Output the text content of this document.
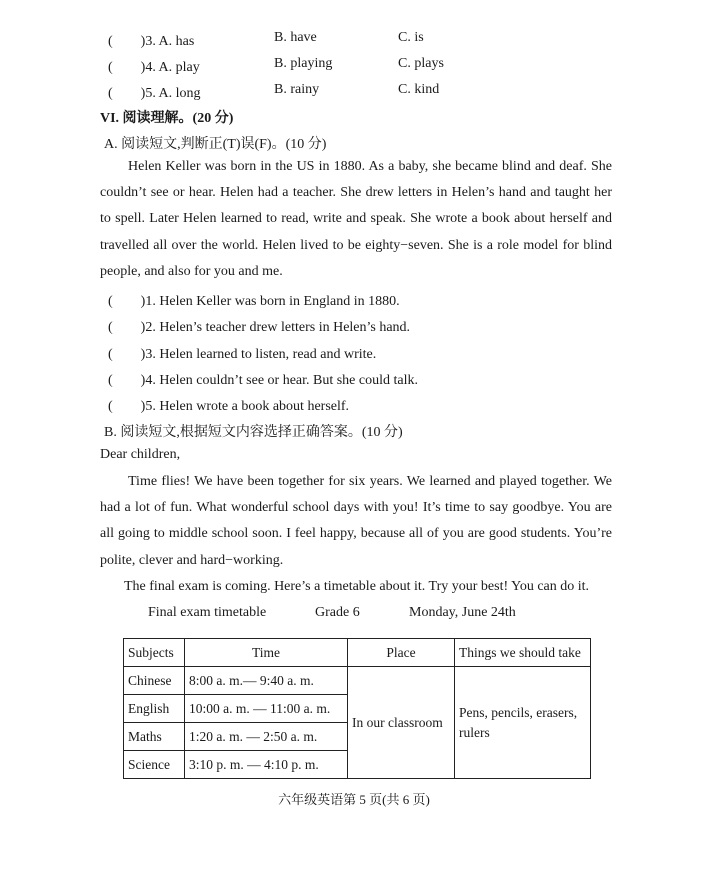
(　　)3. A. has	B. have	C. is
(　　)4. A. play	B. playing	C. plays
(　　)5. A. long	B. rainy	C. kind
VI. 阅读理解。(20 分)
A. 阅读短文,判断正(T)误(F)。(10 分)

Helen Keller was born in the US in 1880. As a baby, she became blind and deaf. She couldn’t see or hear. Helen had a teacher. She drew letters in Helen’s hand and taught her to spell. Later Helen learned to read, write and speak. She wrote a book about herself and travelled all over the world. Helen lived to be eighty−seven. She is a role model for blind people, and also for you and me.

(　　)1. Helen Keller was born in England in 1880.
(　　)2. Helen’s teacher drew letters in Helen’s hand.
(　　)3. Helen learned to listen, read and write.
(　　)4. Helen couldn’t see or hear. But she could talk.
(　　)5. Helen wrote a book about herself.
B. 阅读短文,根据短文内容选择正确答案。(10 分)
Dear children,

Time flies! We have been together for six years. We learned and played together. We had a lot of fun. What wonderful school days with you! It’s time to say goodbye. You are all going to middle school soon. I feel happy, because all of you are good students. You’re polite, clever and hard−working.

The final exam is coming. Here’s a timetable about it. Try your best! You can do it.
Final exam timetable	Grade 6	Monday, June 24th
Subjects	Time	Place	Things we should take
Chinese	8:00 a. m.— 9:40 a. m.	In our classroom	Pens, pencils, erasers, rulers
English	10:00 a. m. — 11:00 a. m.		
Maths	1:20 a. m. — 2:50 a. m.		
Science	3:10 p. m. — 4:10 p. m.		
六年级英语第 5 页(共 6 页)
